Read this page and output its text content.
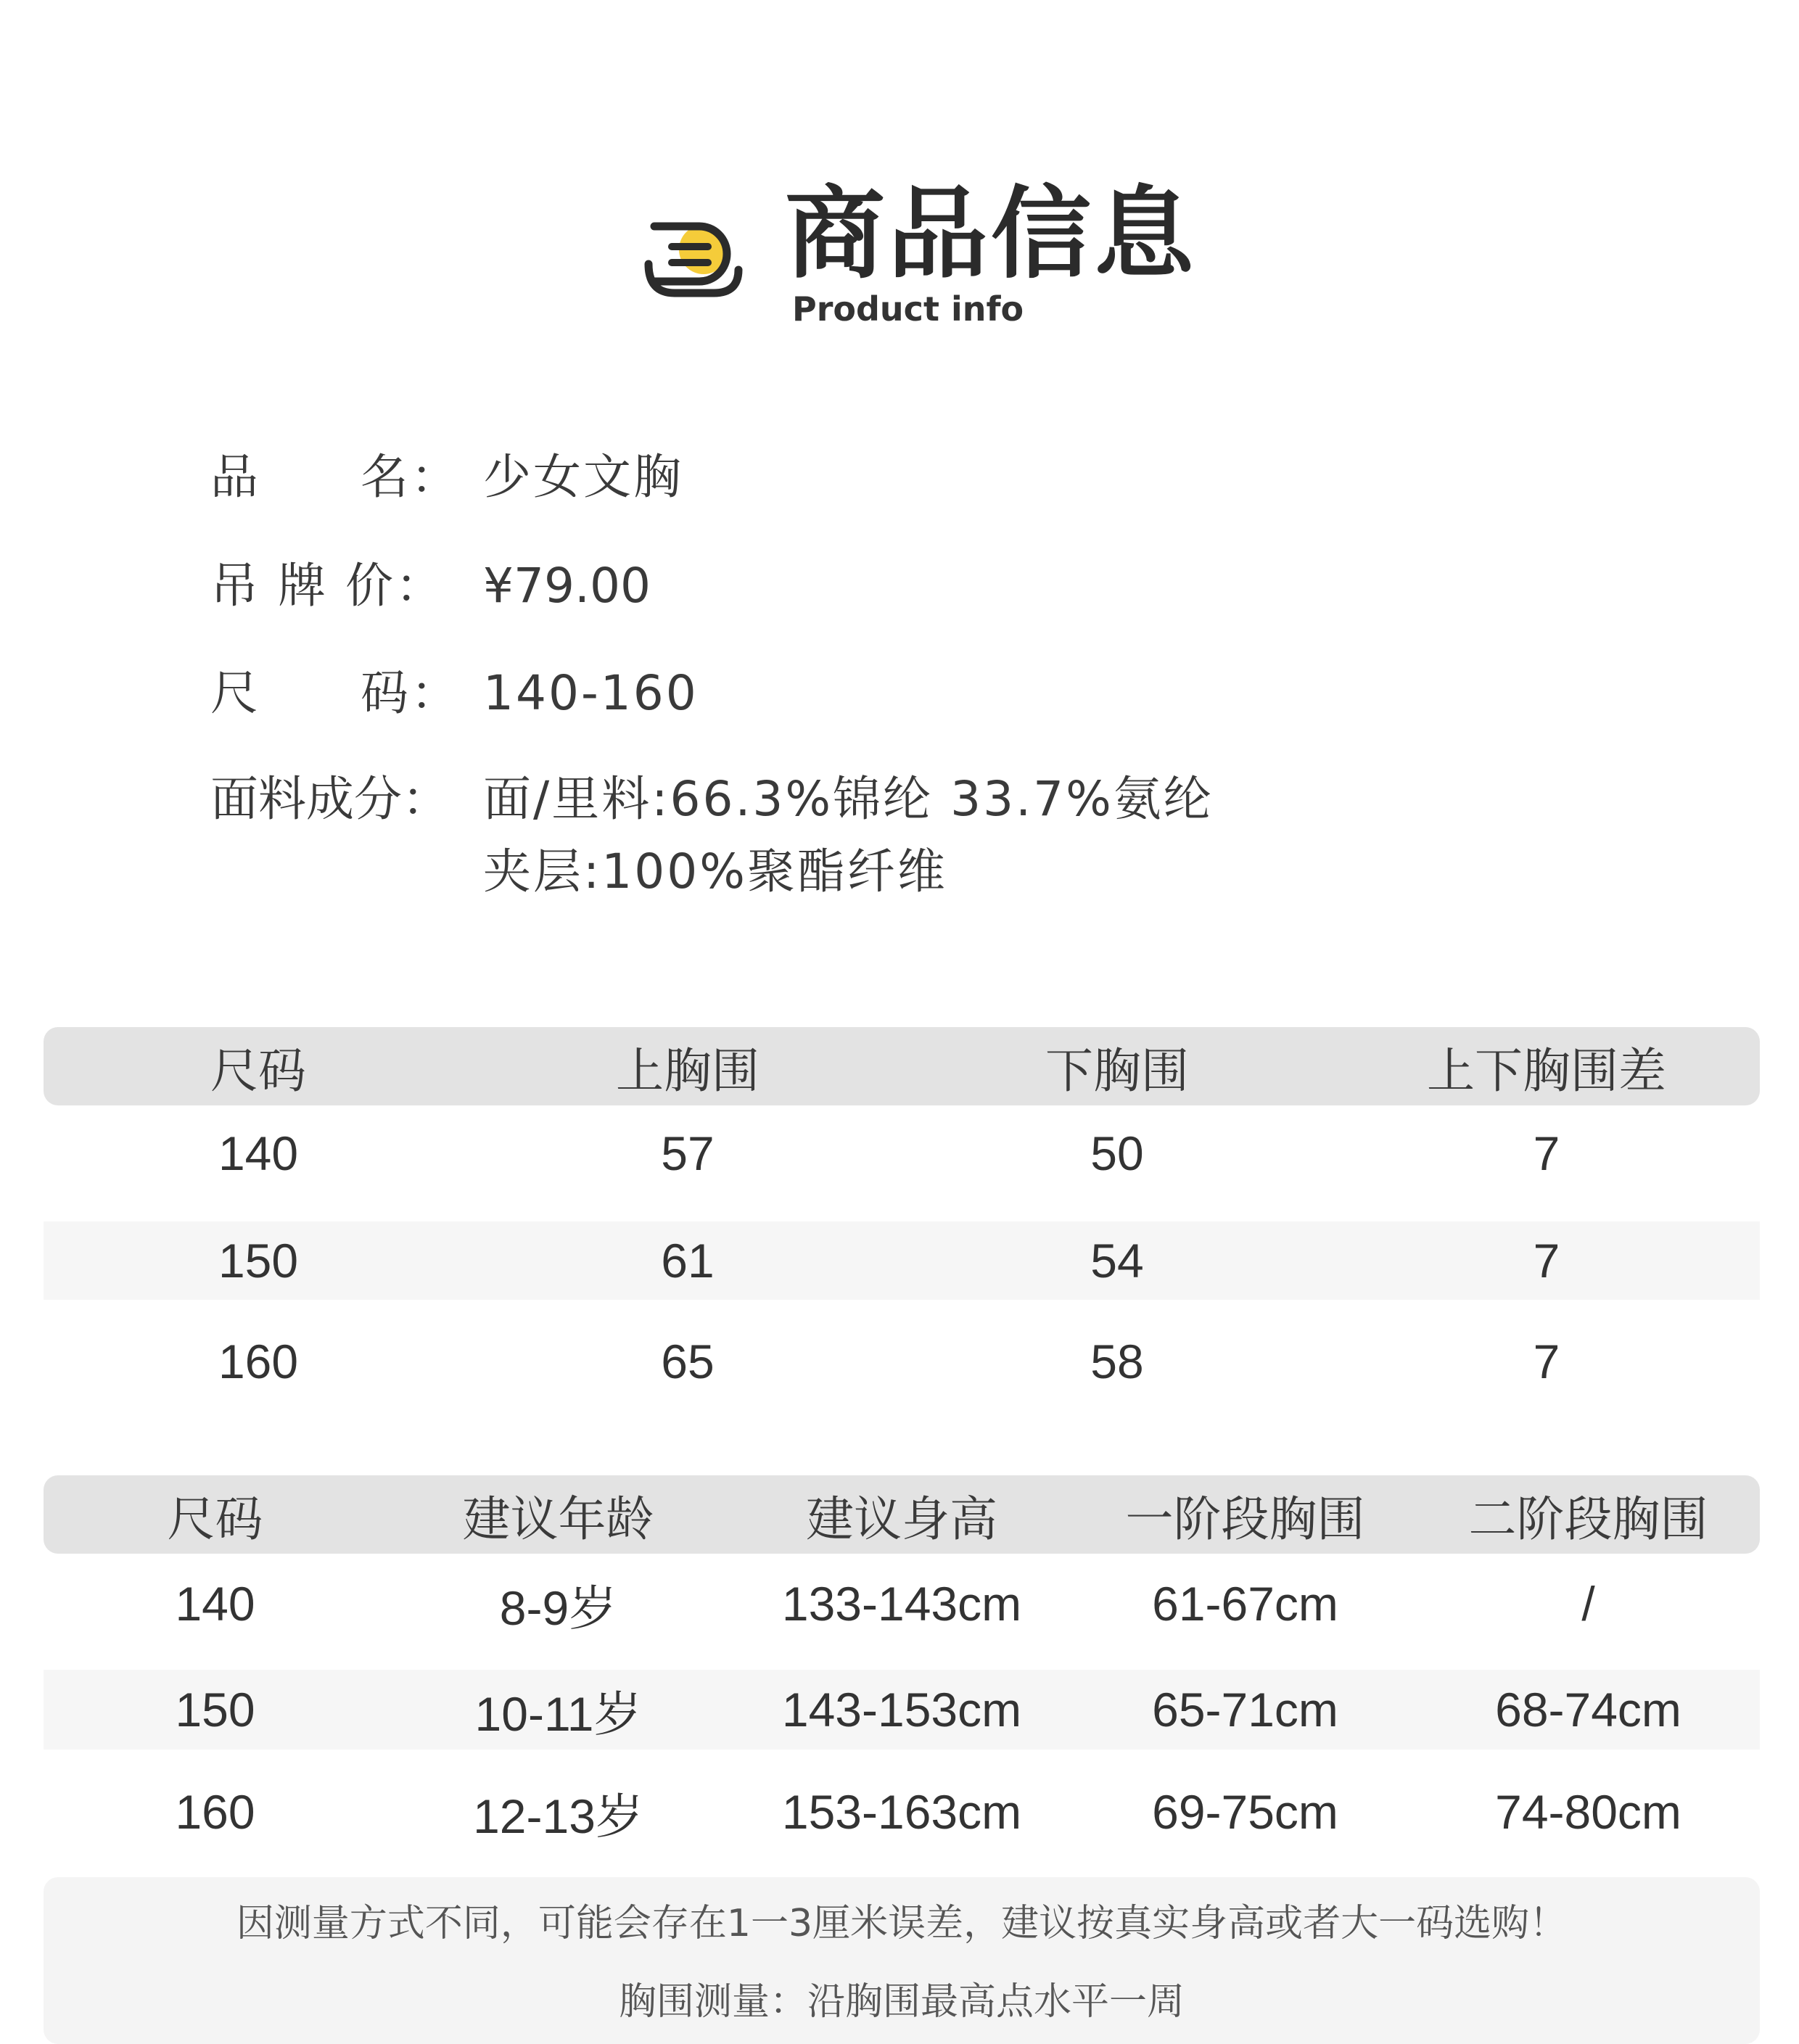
商品信息
Product info
品　　名： 少女文胸
吊 牌 价： ¥79.00
尺　　码： 140-160
面料成分： 面/里料:66.3%锦纶 33.7%氨纶
夹层:100%聚酯纤维
尺码	上胸围	下胸围	上下胸围差
140	57	50	7
150	61	54	7
160	65	58	7
尺码	建议年龄	建议身高	一阶段胸围	二阶段胸围
140	8-9岁	133-143cm	61-67cm	/
150	10-11岁	143-153cm	65-71cm	68-74cm
160	12-13岁	153-163cm	69-75cm	74-80cm
因测量方式不同，可能会存在1一3厘米误差，建议按真实身高或者大一码选购！
胸围测量：沿胸围最高点水平一周
